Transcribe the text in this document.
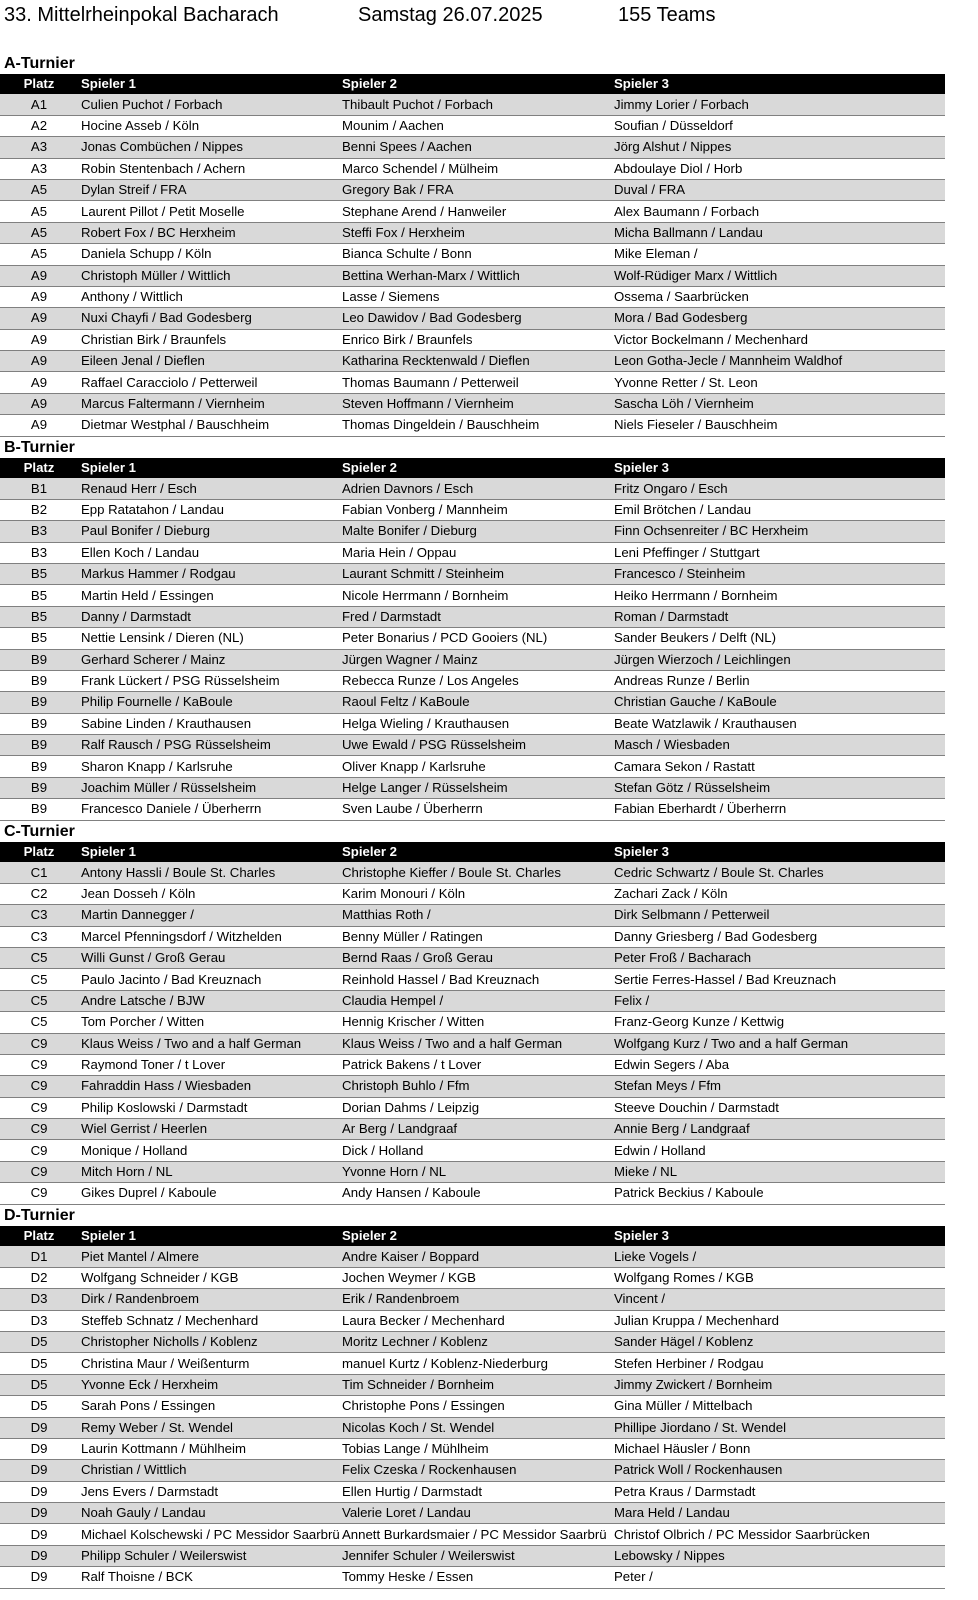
33. Mittelrheinpokal Bacharach	Samstag 26.07.2025	155 Teams
A-Turnier
Platz	Spieler 1	Spieler 2	Spieler 3
A1	Culien Puchot / Forbach	Thibault Puchot / Forbach	Jimmy Lorier / Forbach
A2	Hocine Asseb / Köln	Mounim / Aachen	Soufian / Düsseldorf
A3	Jonas Combüchen / Nippes	Benni Spees / Aachen	Jörg Alshut / Nippes
A3	Robin Stentenbach / Achern	Marco Schendel / Mülheim	Abdoulaye Diol / Horb
A5	Dylan Streif / FRA	Gregory Bak / FRA	Duval / FRA
A5	Laurent Pillot / Petit Moselle	Stephane Arend / Hanweiler	Alex Baumann / Forbach
A5	Robert Fox / BC Herxheim	Steffi Fox / Herxheim	Micha Ballmann / Landau
A5	Daniela Schupp / Köln	Bianca Schulte / Bonn	Mike Eleman /
A9	Christoph Müller / Wittlich	Bettina Werhan-Marx / Wittlich	Wolf-Rüdiger Marx / Wittlich
A9	Anthony / Wittlich	Lasse / Siemens	Ossema / Saarbrücken
A9	Nuxi Chayfi / Bad Godesberg	Leo Dawidov / Bad Godesberg	Mora / Bad Godesberg
A9	Christian Birk / Braunfels	Enrico Birk / Braunfels	Victor Bockelmann / Mechenhard
A9	Eileen Jenal / Dieflen	Katharina Recktenwald / Dieflen	Leon Gotha-Jecle / Mannheim Waldhof
A9	Raffael Caracciolo / Petterweil	Thomas Baumann / Petterweil	Yvonne Retter / St. Leon
A9	Marcus Faltermann / Viernheim	Steven Hoffmann / Viernheim	Sascha Löh / Viernheim
A9	Dietmar Westphal / Bauschheim	Thomas Dingeldein / Bauschheim	Niels Fieseler / Bauschheim
B-Turnier
Platz	Spieler 1	Spieler 2	Spieler 3
B1	Renaud Herr / Esch	Adrien Davnors / Esch	Fritz Ongaro / Esch
B2	Epp Ratatahon / Landau	Fabian Vonberg / Mannheim	Emil Brötchen / Landau
B3	Paul Bonifer / Dieburg	Malte Bonifer / Dieburg	Finn Ochsenreiter / BC Herxheim
B3	Ellen Koch / Landau	Maria Hein / Oppau	Leni Pfeffinger / Stuttgart
B5	Markus Hammer / Rodgau	Laurant Schmitt / Steinheim	Francesco / Steinheim
B5	Martin Held / Essingen	Nicole Herrmann / Bornheim	Heiko Herrmann / Bornheim
B5	Danny / Darmstadt	Fred / Darmstadt	Roman / Darmstadt
B5	Nettie Lensink / Dieren (NL)	Peter Bonarius / PCD Gooiers (NL)	Sander Beukers / Delft (NL)
B9	Gerhard Scherer / Mainz	Jürgen Wagner / Mainz	Jürgen Wierzoch / Leichlingen
B9	Frank Lückert / PSG Rüsselsheim	Rebecca Runze / Los Angeles	Andreas Runze / Berlin
B9	Philip Fournelle / KaBoule	Raoul Feltz / KaBoule	Christian Gauche / KaBoule
B9	Sabine Linden / Krauthausen	Helga Wieling / Krauthausen	Beate Watzlawik / Krauthausen
B9	Ralf Rausch / PSG Rüsselsheim	Uwe Ewald / PSG Rüsselsheim	Masch / Wiesbaden
B9	Sharon Knapp / Karlsruhe	Oliver Knapp / Karlsruhe	Camara Sekon / Rastatt
B9	Joachim Müller / Rüsselsheim	Helge Langer / Rüsselsheim	Stefan Götz / Rüsselsheim
B9	Francesco Daniele / Überherrn	Sven Laube / Überherrn	Fabian Eberhardt / Überherrn
C-Turnier
Platz	Spieler 1	Spieler 2	Spieler 3
C1	Antony Hassli / Boule St. Charles	Christophe Kieffer / Boule St. Charles	Cedric Schwartz / Boule St. Charles
C2	Jean Dosseh / Köln	Karim Monouri / Köln	Zachari Zack / Köln
C3	Martin Dannegger /	Matthias Roth /	Dirk Selbmann / Petterweil
C3	Marcel Pfenningsdorf / Witzhelden	Benny Müller / Ratingen	Danny Griesberg / Bad Godesberg
C5	Willi Gunst / Groß Gerau	Bernd Raas / Groß Gerau	Peter Froß / Bacharach
C5	Paulo Jacinto / Bad Kreuznach	Reinhold Hassel / Bad Kreuznach	Sertie Ferres-Hassel / Bad Kreuznach
C5	Andre Latsche / BJW	Claudia Hempel /	Felix /
C5	Tom Porcher / Witten	Hennig Krischer / Witten	Franz-Georg Kunze / Kettwig
C9	Klaus Weiss / Two and a half German	Klaus Weiss / Two and a half German	Wolfgang Kurz / Two and a half German
C9	Raymond Toner / t Lover	Patrick Bakens / t Lover	Edwin Segers / Aba
C9	Fahraddin Hass / Wiesbaden	Christoph Buhlo / Ffm	Stefan Meys / Ffm
C9	Philip Koslowski / Darmstadt	Dorian Dahms / Leipzig	Steeve Douchin / Darmstadt
C9	Wiel Gerrist / Heerlen	Ar Berg / Landgraaf	Annie Berg / Landgraaf
C9	Monique / Holland	Dick / Holland	Edwin / Holland
C9	Mitch Horn / NL	Yvonne Horn / NL	Mieke / NL
C9	Gikes Duprel / Kaboule	Andy Hansen / Kaboule	Patrick Beckius / Kaboule
D-Turnier
Platz	Spieler 1	Spieler 2	Spieler 3
D1	Piet Mantel / Almere	Andre Kaiser / Boppard	Lieke Vogels /
D2	Wolfgang Schneider / KGB	Jochen Weymer / KGB	Wolfgang Romes / KGB
D3	Dirk / Randenbroem	Erik / Randenbroem	Vincent /
D3	Steffeb Schnatz / Mechenhard	Laura Becker / Mechenhard	Julian Kruppa / Mechenhard
D5	Christopher Nicholls / Koblenz	Moritz Lechner / Koblenz	Sander Hägel / Koblenz
D5	Christina Maur / Weißenturm	manuel Kurtz / Koblenz-Niederburg	Stefen Herbiner / Rodgau
D5	Yvonne Eck / Herxheim	Tim Schneider / Bornheim	Jimmy Zwickert / Bornheim
D5	Sarah Pons / Essingen	Christophe Pons / Essingen	Gina Müller / Mittelbach
D9	Remy Weber / St. Wendel	Nicolas Koch / St. Wendel	Phillipe Jiordano / St. Wendel
D9	Laurin Kottmann / Mühlheim	Tobias Lange / Mühlheim	Michael Häusler / Bonn
D9	Christian / Wittlich	Felix Czeska / Rockenhausen	Patrick Woll / Rockenhausen
D9	Jens Evers / Darmstadt	Ellen Hurtig / Darmstadt	Petra Kraus / Darmstadt
D9	Noah Gauly / Landau	Valerie Loret / Landau	Mara Held / Landau
D9	Michael Kolschewski / PC Messidor Saarbrü	Annett Burkardsmaier / PC Messidor Saarbrü	Christof Olbrich / PC Messidor Saarbrücken
D9	Philipp Schuler / Weilerswist	Jennifer Schuler / Weilerswist	Lebowsky / Nippes
D9	Ralf Thoisne / BCK	Tommy Heske / Essen	Peter /
